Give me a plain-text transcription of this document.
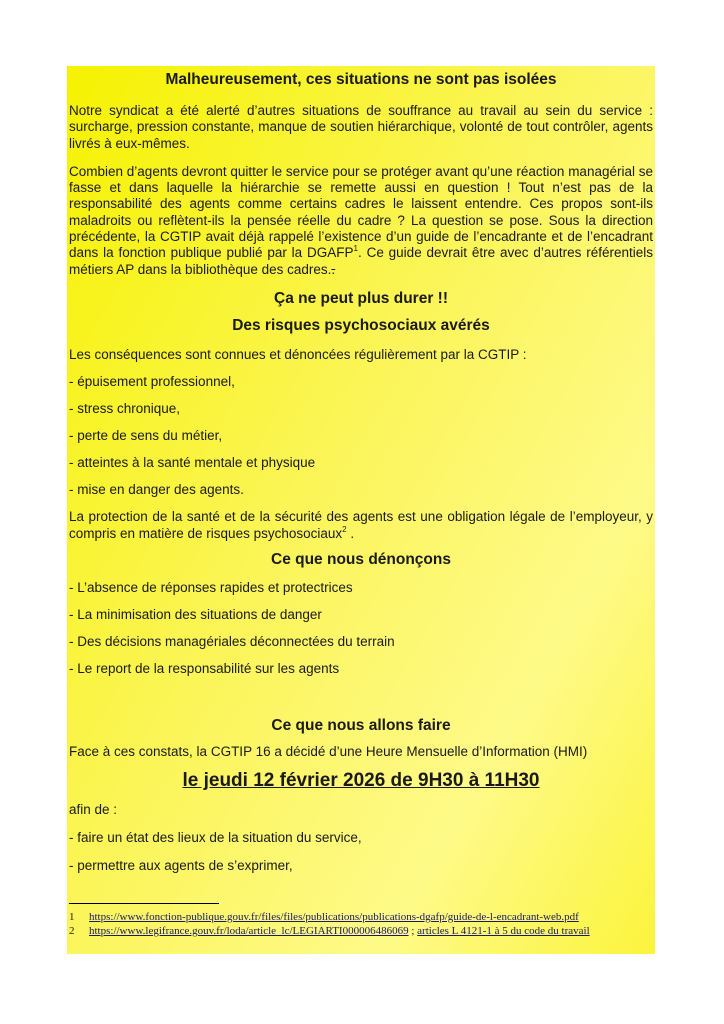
Malheureusement, ces situations ne sont pas isolées

Notre syndicat a été alerté d’autres situations de souffrance au travail au sein du service : surcharge, pression constante, manque de soutien hiérarchique, volonté de tout contrôler, agents livrés à eux-mêmes.

Combien d’agents devront quitter le service pour se protéger avant qu’une réaction managérial se fasse et dans laquelle la hiérarchie se remette aussi en question ! Tout n’est pas de la responsabilité des agents comme certains cadres le laissent entendre. Ces propos sont-ils maladroits ou reflètent-ils la pensée réelle du cadre ? La question se pose. Sous la direction précédente, la CGTIP avait déjà rappelé l’existence d’un guide de l’encadrante et de l’encadrant dans la fonction publique publié par la DGAFP$^1$. Ce guide devrait être avec d’autres référentiels métiers AP dans la bibliothèque des cadres..

Ça ne peut plus durer !!
Des risques psychosociaux avérés

Les conséquences sont connues et dénoncées régulièrement par la CGTIP :

- épuisement professionnel,
- stress chronique,
- perte de sens du métier,
- atteintes à la santé mentale et physique
- mise en danger des agents.

La protection de la santé et de la sécurité des agents est une obligation légale de l’employeur, y compris en matière de risques psychosociaux$^2$ .

Ce que nous dénonçons
- L’absence de réponses rapides et protectrices
- La minimisation des situations de danger
- Des décisions managériales déconnectées du terrain
- Le report de la responsabilité sur les agents
Ce que nous allons faire

Face à ces constats, la CGTIP 16 a décidé d’une Heure Mensuelle d’Information (HMI)

le jeudi 12 février 2026 de 9H30 à 11H30
afin de :
- faire un état des lieux de la situation du service,
- permettre aux agents de s’exprimer,
1 https://www.fonction-publique.gouv.fr/files/files/publications/publications-dgafp/guide-de-l-encadrant-web.pdf
2 https://www.legifrance.gouv.fr/loda/article_lc/LEGIARTI000006486069 ; articles L 4121-1 à 5 du code du travail
